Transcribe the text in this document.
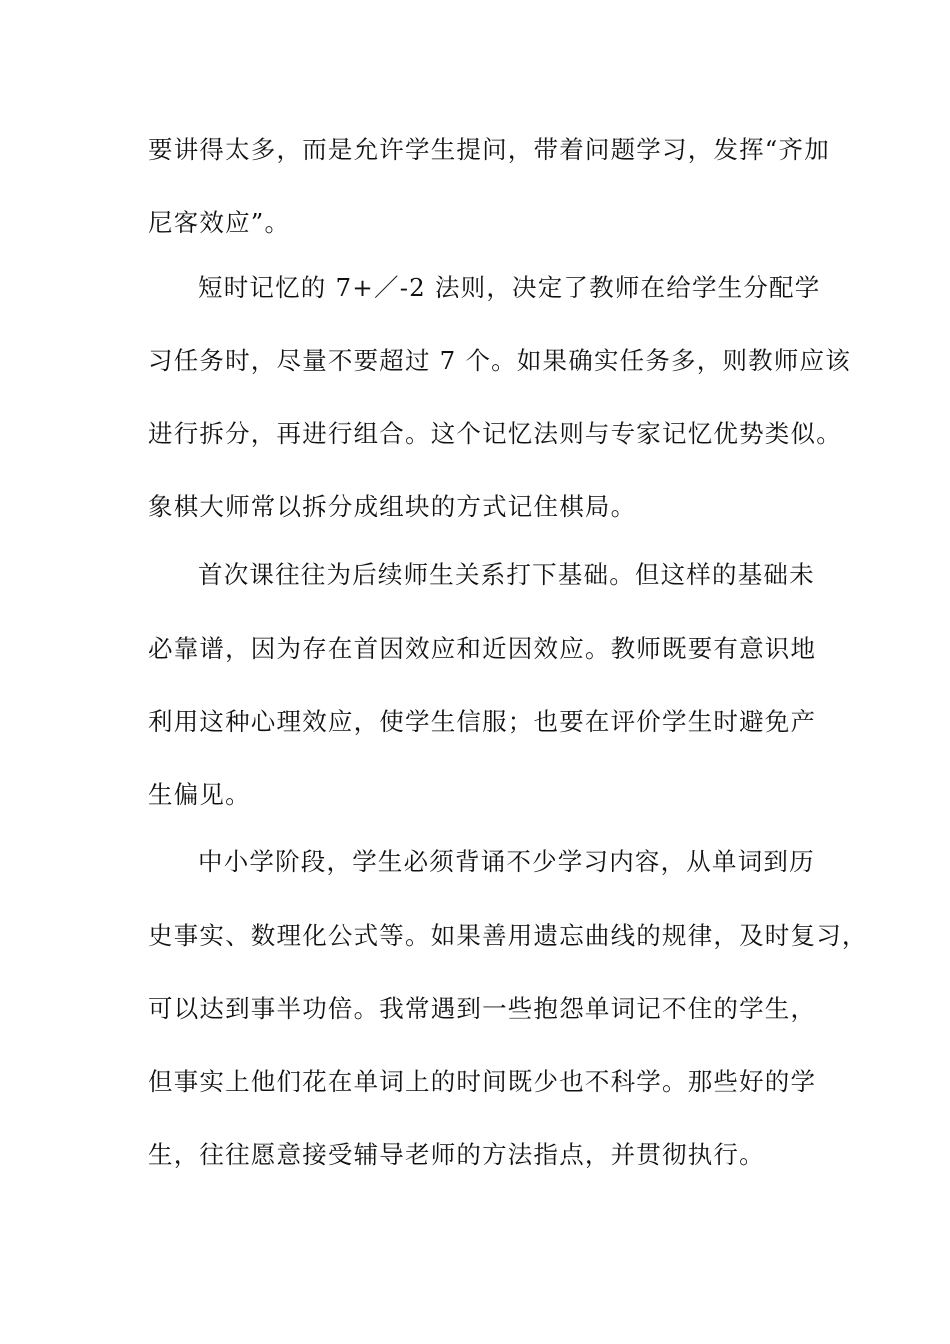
要讲得太多，而是允许学生提问，带着问题学习，发挥“齐加
尼客效应”。
短时记忆的 7+／-2 法则，决定了教师在给学生分配学
习任务时，尽量不要超过 7 个。如果确实任务多，则教师应该
进行拆分，再进行组合。这个记忆法则与专家记忆优势类似。
象棋大师常以拆分成组块的方式记住棋局。
首次课往往为后续师生关系打下基础。但这样的基础未
必靠谱，因为存在首因效应和近因效应。教师既要有意识地
利用这种心理效应，使学生信服；也要在评价学生时避免产
生偏见。
中小学阶段，学生必须背诵不少学习内容，从单词到历
史事实、数理化公式等。如果善用遗忘曲线的规律，及时复习，
可以达到事半功倍。我常遇到一些抱怨单词记不住的学生，
但事实上他们花在单词上的时间既少也不科学。那些好的学
生，往往愿意接受辅导老师的方法指点，并贯彻执行。
